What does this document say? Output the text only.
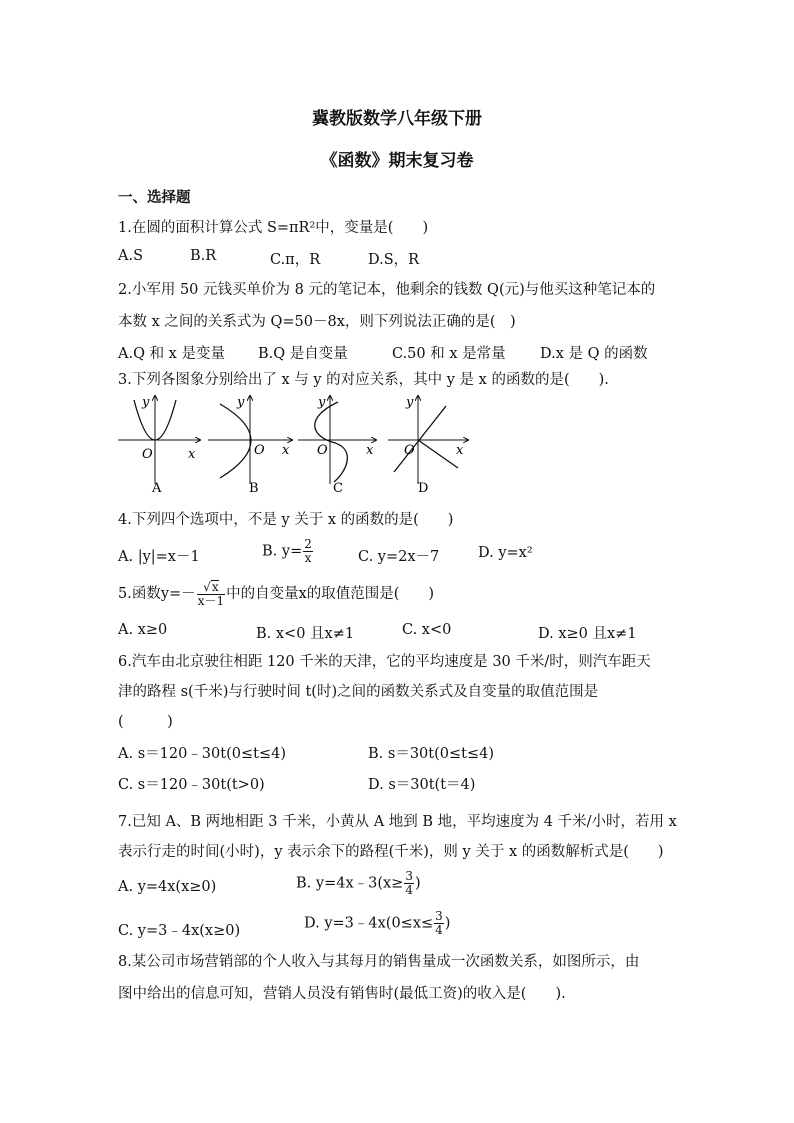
冀教版数学八年级下册
《函数》期末复习卷
一、选择题
1.在圆的面积计算公式 S=πR²中，变量是(　　)
A.S	B.R	C.π，R	D.S，R
2.小军用 50 元钱买单价为 8 元的笔记本，他剩余的钱数 Q(元)与他买这种笔记本的
本数 x 之间的关系式为 Q=50－8x，则下列说法正确的是(　)
A.Q 和 x 是变量 B.Q 是自变量	C.50 和 x 是常量 D.x 是 Q 的函数
3.下列各图象分别给出了 x 与 y 的对应关系，其中 y 是 x 的函数的是(　　).
O	x
y
A
O x
y
B
O	x
y
C
O	x
y
D
4.下列四个选项中，不是 y 关于 x 的函数的是(　　)
A. |y|=x－1	B. $y= \frac{2}{x}$	C. y=2x－7	D. y=x²
5.函数$y=- \frac{√x}{x-1}$ 中的自变量x的取值范围是(　　)
A. x≥0	B. x<0 且x≠1	C. x<0	D. x≥0 且x≠1
6.汽车由北京驶往相距 120 千米的天津，它的平均速度是 30 千米/时，则汽车距天
津的路程 s(千米)与行驶时间 t(时)之间的函数关系式及自变量的取值范围是
(　　　)
A. s＝120﹣30t(0≤t≤4)	B. s＝30t(0≤t≤4)
C. s＝120﹣30t(t>0)	D. s＝30t(t＝4)
7.已知 A、B 两地相距 3 千米，小黄从 A 地到 B 地，平均速度为 4 千米/小时，若用 x
表示行走的时间(小时)，y 表示余下的路程(千米)，则 y 关于 x 的函数解析式是(　　)
A. y=4x(x≥0)	B. y=4x﹣3(x≥ $\frac{3}{4}$ )
C. y=3﹣4x(x≥0)	D. y=3﹣4x(0≤x≤ $\frac{3}{4}$ )
8.某公司市场营销部的个人收入与其每月的销售量成一次函数关系，如图所示，由
图中给出的信息可知，营销人员没有销售时(最低工资)的收入是(　　).
